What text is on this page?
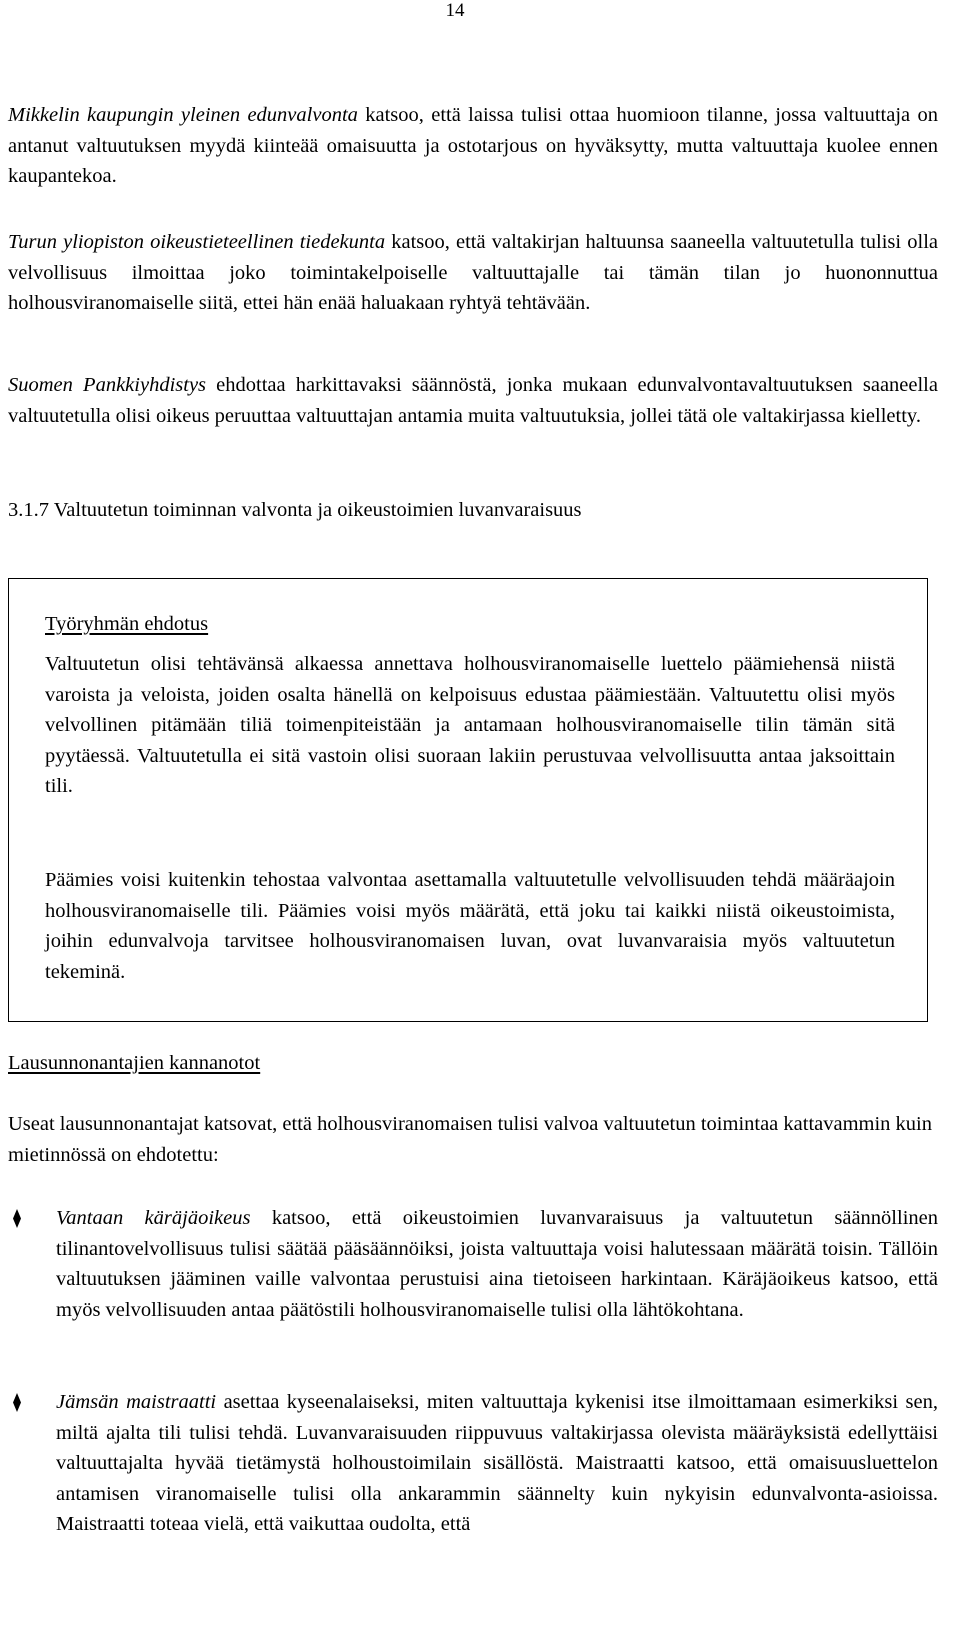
14

Mikkelin kaupungin yleinen edunvalvonta katsoo, että laissa tulisi ottaa huomioon tilanne, jossa valtuuttaja on antanut valtuutuksen myydä kiinteää omaisuutta ja ostotarjous on hyväksytty, mutta valtuuttaja kuolee ennen kaupantekoa.

Turun yliopiston oikeustieteellinen tiedekunta katsoo, että valtakirjan haltuunsa saaneella valtuutetulla tulisi olla velvollisuus ilmoittaa joko toimintakelpoiselle valtuuttajalle tai tämän tilan jo huononnuttua holhousviranomaiselle siitä, ettei hän enää haluakaan ryhtyä tehtävään.

Suomen Pankkiyhdistys ehdottaa harkittavaksi säännöstä, jonka mukaan edunvalvontavaltuutuksen saaneella valtuutetulla olisi oikeus peruuttaa valtuuttajan antamia muita valtuutuksia, jollei tätä ole valtakirjassa kielletty.

3.1.7 Valtuutetun toiminnan valvonta ja oikeustoimien luvanvaraisuus
Työryhmän ehdotus

Valtuutetun olisi tehtävänsä alkaessa annettava holhousviranomaiselle luettelo päämiehensä niistä varoista ja veloista, joiden osalta hänellä on kelpoisuus edustaa päämiestään. Valtuutettu olisi myös velvollinen pitämään tiliä toimenpiteistään ja antamaan holhousviranomaiselle tilin tämän sitä pyytäessä. Valtuutetulla ei sitä vastoin olisi suoraan lakiin perustuvaa velvollisuutta antaa jaksoittain tili.

Päämies voisi kuitenkin tehostaa valvontaa asettamalla valtuutetulle velvollisuuden tehdä määräajoin holhousviranomaiselle tili. Päämies voisi myös määrätä, että joku tai kaikki niistä oikeustoimista, joihin edunvalvoja tarvitsee holhousviranomaisen luvan, ovat luvanvaraisia myös valtuutetun tekeminä.

Lausunnonantajien kannanotot

Useat lausunnonantajat katsovat, että holhousviranomaisen tulisi valvoa valtuutetun toimintaa kattavammin kuin mietinnössä on ehdotettu:

Vantaan käräjäoikeus katsoo, että oikeustoimien luvanvaraisuus ja valtuutetun säännöllinen tilinantovelvollisuus tulisi säätää pääsäännöiksi, joista valtuuttaja voisi halutessaan määrätä toisin. Tällöin valtuutuksen jääminen vaille valvontaa perustuisi aina tietoiseen harkintaan. Käräjäoikeus katsoo, että myös velvollisuuden antaa päätöstili holhousviranomaiselle tulisi olla lähtökohtana.

Jämsän maistraatti asettaa kyseenalaiseksi, miten valtuuttaja kykenisi itse ilmoittamaan esimerkiksi sen, miltä ajalta tili tulisi tehdä. Luvanvaraisuuden riippuvuus valtakirjassa olevista määräyksistä edellyttäisi valtuuttajalta hyvää tietämystä holhoustoimilain sisällöstä. Maistraatti katsoo, että omaisuusluettelon antamisen viranomaiselle tulisi olla ankarammin säännelty kuin nykyisin edunvalvonta-asioissa. Maistraatti toteaa vielä, että vaikuttaa oudolta, että
